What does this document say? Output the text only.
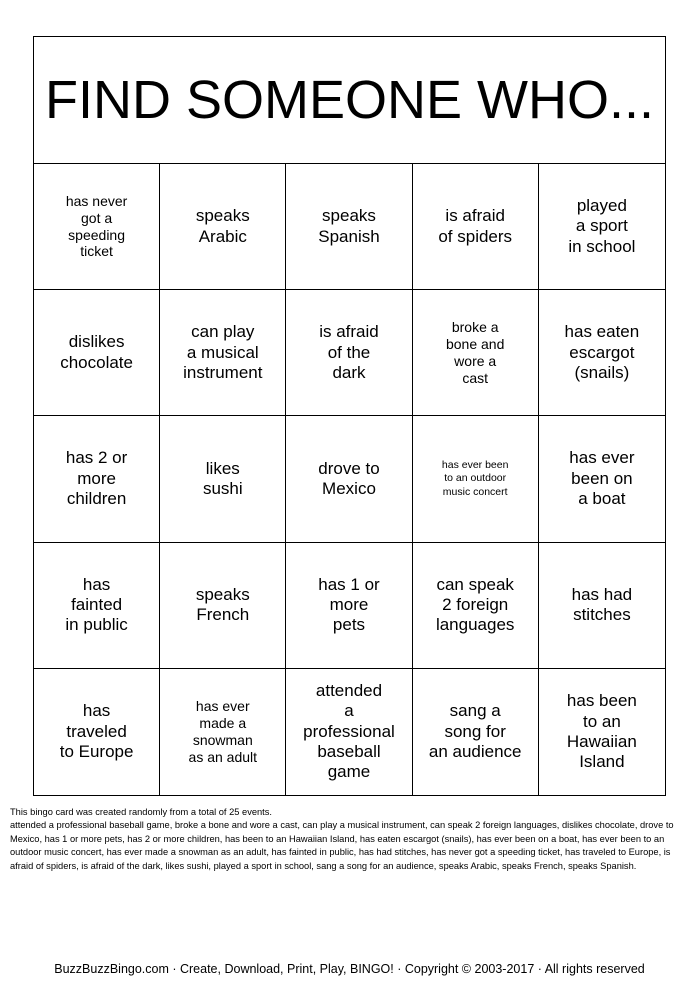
FIND SOMEONE WHO...
has never
got a
speeding
ticket
speaks
Arabic
speaks
Spanish
is afraid
of spiders
played
a sport
in school
dislikes
chocolate
can play
a musical
instrument
is afraid
of the
dark
broke a
bone and
wore a
cast
has eaten
escargot
(snails)
has 2 or
more
children
likes
sushi
drove to
Mexico
has ever been
to an outdoor
music concert
has ever
been on
a boat
has
fainted
in public
speaks
French
has 1 or
more
pets
can speak
2 foreign
languages
has had
stitches
has
traveled
to Europe
has ever
made a
snowman
as an adult
attended
a professional
baseball
game
sang a
song for
an audience
has been
to an
Hawaiian
Island

This bingo card was created randomly from a total of 25 events.

attended a professional baseball game, broke a bone and wore a cast, can play a musical instrument, can speak 2 foreign languages, dislikes chocolate, drove to Mexico, has 1 or more pets, has 2 or more children, has been to an Hawaiian Island, has eaten escargot (snails), has ever been on a boat, has ever been to an outdoor music concert, has ever made a snowman as an adult, has fainted in public, has had stitches, has never got a speeding ticket, has traveled to Europe, is afraid of spiders, is afraid of the dark, likes sushi, played a sport in school, sang a song for an audience, speaks Arabic, speaks French, speaks Spanish.

BuzzBuzzBingo.com · Create, Download, Print, Play, BINGO! · Copyright © 2003-2017 · All rights reserved
